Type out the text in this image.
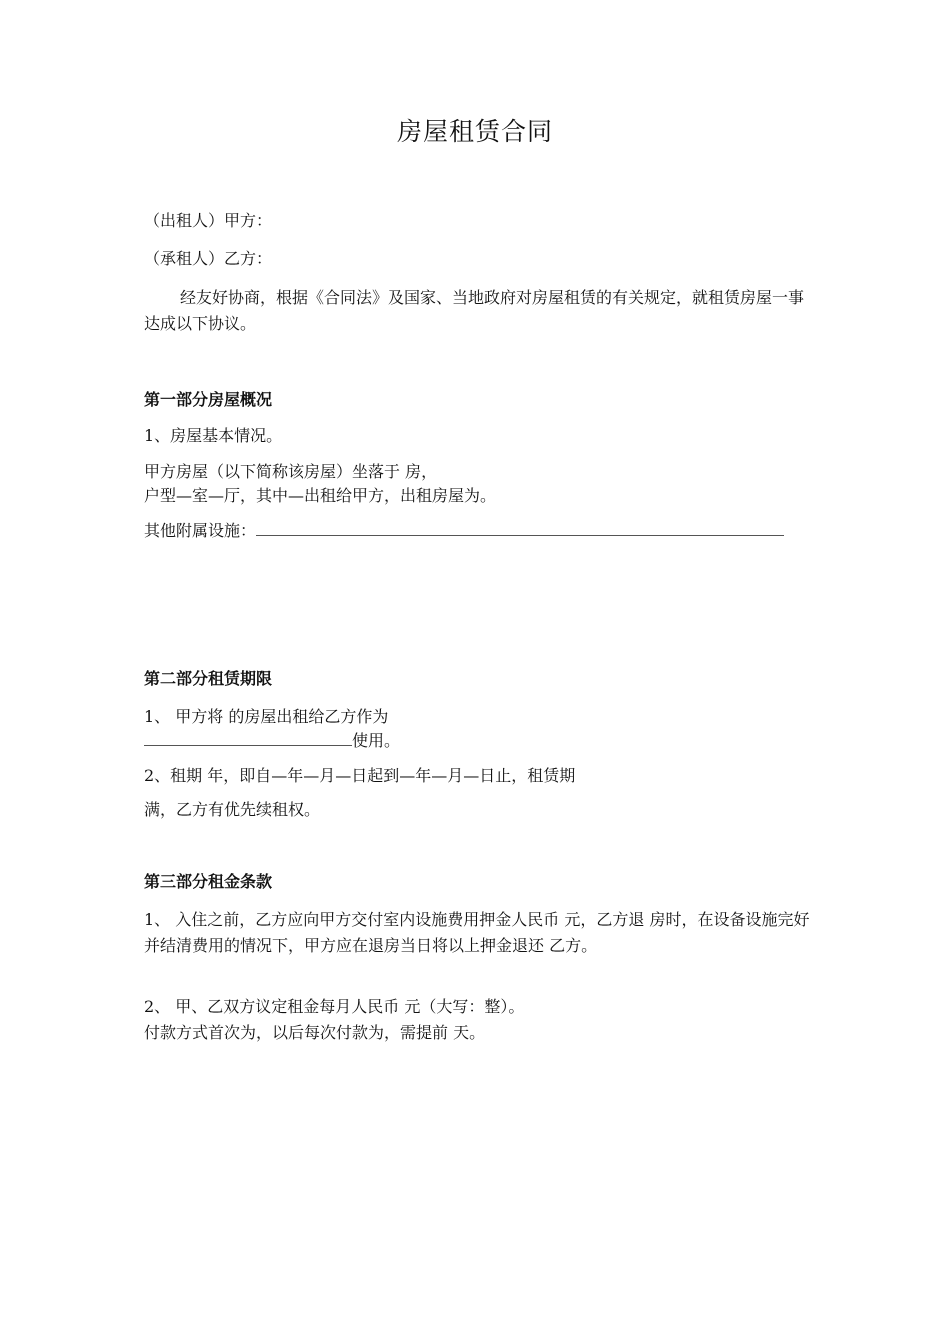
房屋租赁合同
（出租人）甲方：
（承租人）乙方：
经友好协商，根据《合同法》及国家、当地政府对房屋租赁的有关规定，就租赁房屋一事达成以下协议。
第一部分房屋概况
1、房屋基本情况。
甲方房屋（以下简称该房屋）坐落于 房，
户型—室—厅，其中—出租给甲方，出租房屋为。
其他附属设施：
第二部分租赁期限
1、 甲方将 的房屋出租给乙方作为
使用。
2、租期 年，即自—年—月—日起到—年—月—日止，租赁期
满，乙方有优先续租权。
第三部分租金条款
1、 入住之前，乙方应向甲方交付室内设施费用押金人民币 元，乙方退 房时，在设备设施完好并结清费用的情况下，甲方应在退房当日将以上押金退还 乙方。
2、 甲、乙双方议定租金每月人民币 元（大写：整）。
付款方式首次为，以后每次付款为，需提前 天。
